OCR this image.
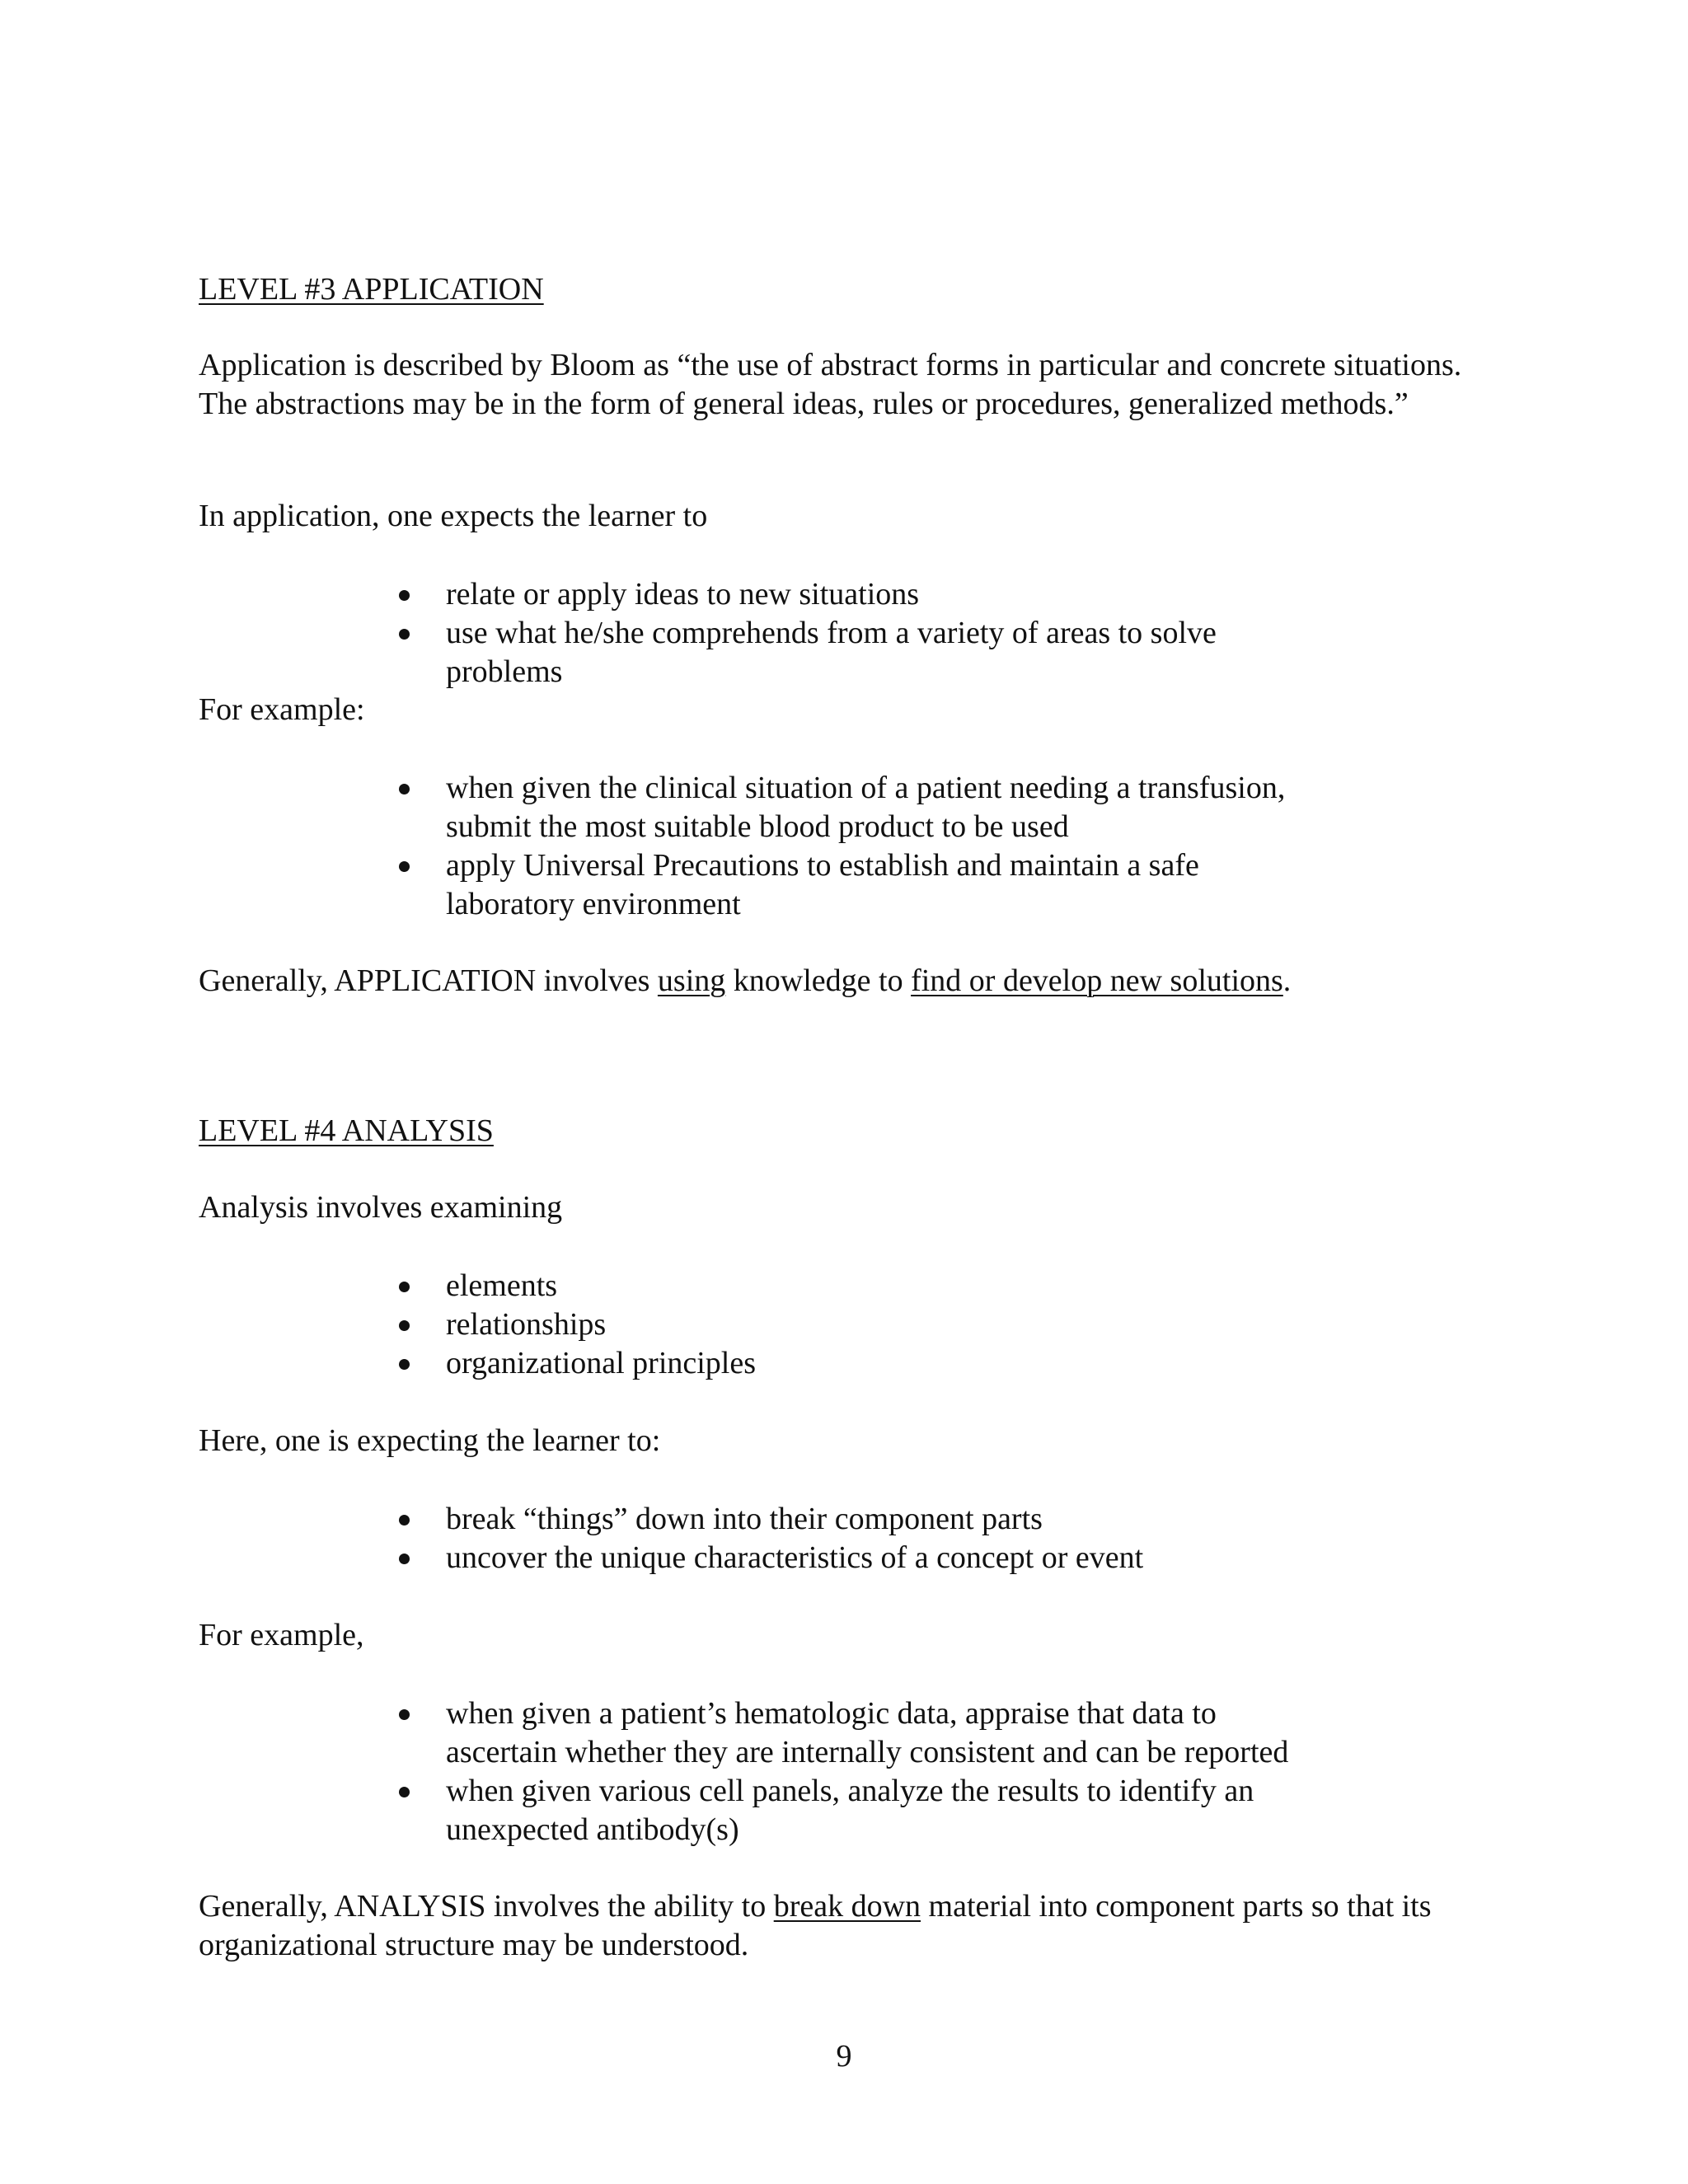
LEVEL #3 APPLICATION

Application is described by Bloom as “the use of abstract forms in particular and concrete situations. The abstractions may be in the form of general ideas, rules or procedures, generalized methods.”

In application, one expects the learner to

relate or apply ideas to new situations
use what he/she comprehends from a variety of areas to solve problems

For example:

when given the clinical situation of a patient needing a transfusion, submit the most suitable blood product to be used
apply Universal Precautions to establish and maintain a safe laboratory environment

Generally, APPLICATION involves using knowledge to find or develop new solutions.

LEVEL #4 ANALYSIS

Analysis involves examining

elements
relationships
organizational principles

Here, one is expecting the learner to:

break “things” down into their component parts
uncover the unique characteristics of a concept or event

For example,

when given a patient’s hematologic data, appraise that data to ascertain whether they are internally consistent and can be reported
when given various cell panels, analyze the results to identify an unexpected antibody(s)

Generally, ANALYSIS involves the ability to break down material into component parts so that its organizational structure may be understood.

9
